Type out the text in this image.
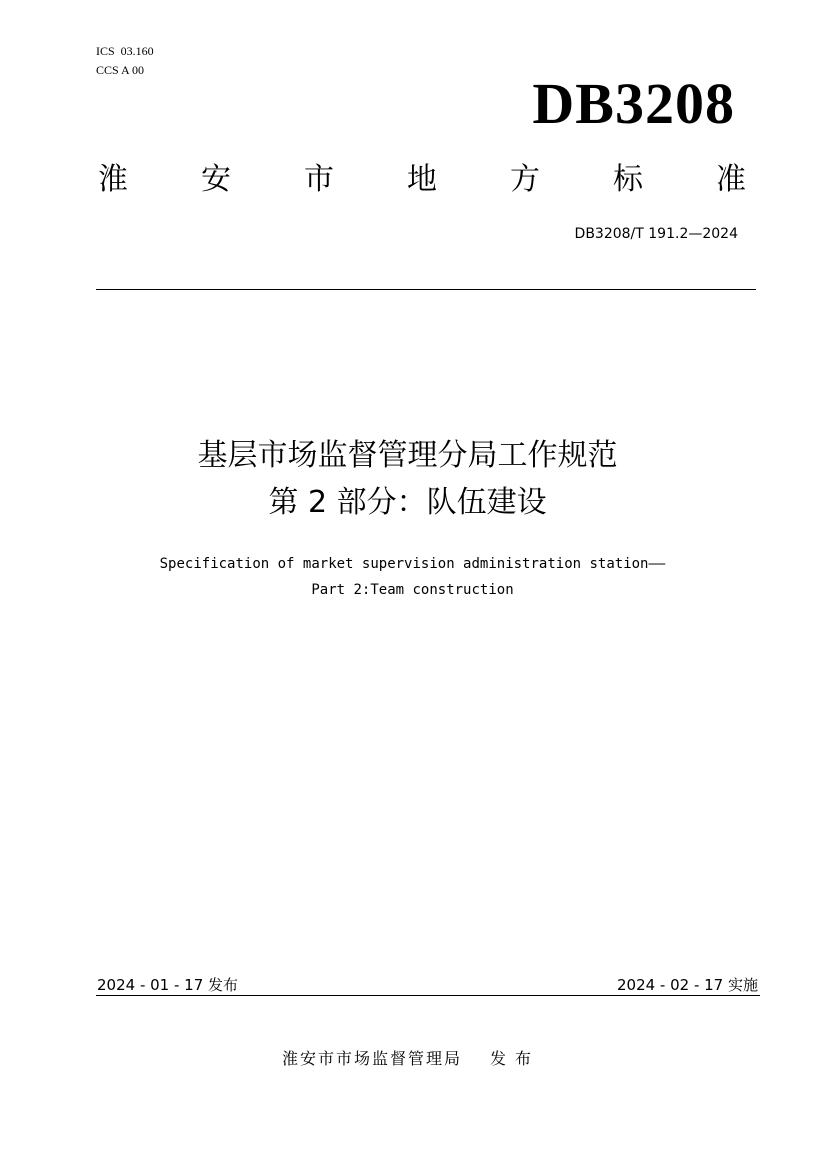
ICS  03.160
CCS A 00
DB3208
淮 安 市 地 方 标 准
DB3208/T 191.2—2024
基层市场监督管理分局工作规范
第 2 部分：队伍建设
Specification of market supervision administration station——
Part 2:Team construction
2024 - 01 - 17 发布	2024 - 02 - 17 实施
淮安市市场监督管理局 发 布
